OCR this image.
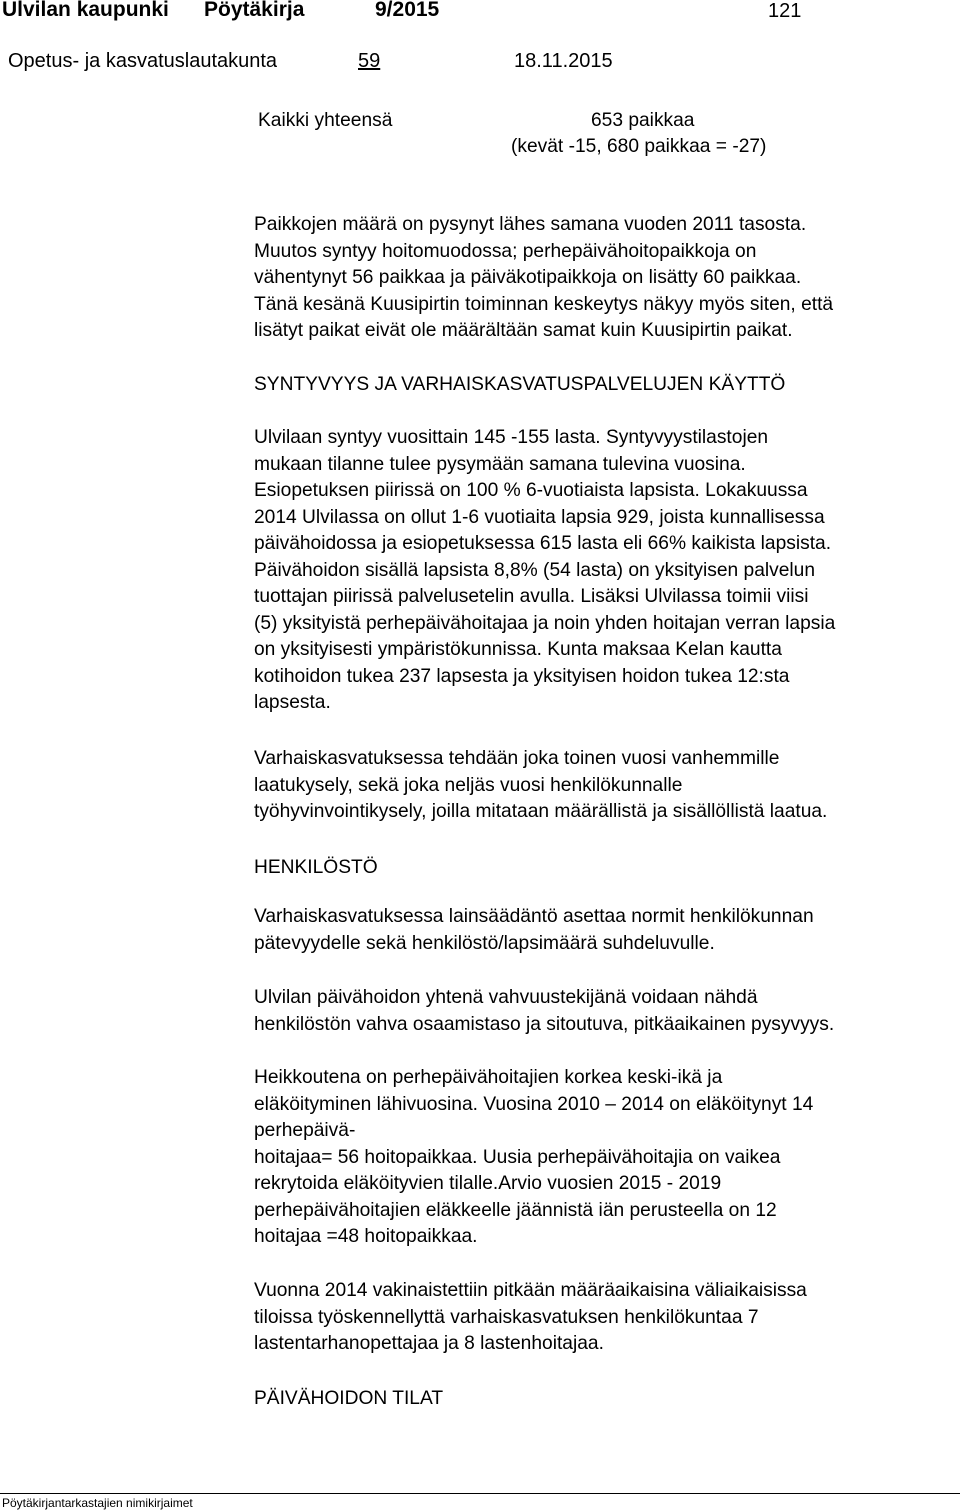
Ulvilan kaupunki Pöytäkirja	9/2015	121
Opetus- ja kasvatuslautakunta	59	18.11.2015
Kaikki yhteensä	653 paikkaa
(kevät -15, 680 paikkaa = -27)
Paikkojen määrä on pysynyt lähes samana vuoden 2011 tasosta.
Muutos syntyy hoitomuodossa; perhepäivähoitopaikkoja on
vähentynyt 56 paikkaa ja päiväkotipaikkoja on lisätty 60 paikkaa.
Tänä kesänä Kuusipirtin toiminnan keskeytys näkyy myös siten, että
lisätyt paikat eivät ole määrältään samat kuin Kuusipirtin paikat.
SYNTYVYYS JA VARHAISKASVATUSPALVELUJEN KÄYTTÖ
Ulvilaan syntyy vuosittain 145 -155 lasta. Syntyvyystilastojen
mukaan tilanne tulee pysymään samana tulevina vuosina.
Esiopetuksen piirissä on 100 % 6-vuotiaista lapsista. Lokakuussa
2014 Ulvilassa on ollut 1-6 vuotiaita lapsia 929, joista kunnallisessa
päivähoidossa ja esiopetuksessa 615 lasta eli 66% kaikista lapsista.
Päivähoidon sisällä lapsista 8,8% (54 lasta) on yksityisen palvelun
tuottajan piirissä palvelusetelin avulla. Lisäksi Ulvilassa toimii viisi
(5) yksityistä perhepäivähoitajaa ja noin yhden hoitajan verran lapsia
on yksityisesti ympäristökunnissa. Kunta maksaa Kelan kautta
kotihoidon tukea 237 lapsesta ja yksityisen hoidon tukea 12:sta
lapsesta.
Varhaiskasvatuksessa tehdään joka toinen vuosi vanhemmille
laatukysely, sekä joka neljäs vuosi henkilökunnalle
työhyvinvointikysely, joilla mitataan määrällistä ja sisällöllistä laatua.
HENKILÖSTÖ
Varhaiskasvatuksessa lainsäädäntö asettaa normit henkilökunnan
pätevyydelle sekä henkilöstö/lapsimäärä suhdeluvulle.
Ulvilan päivähoidon yhtenä vahvuustekijänä voidaan nähdä
henkilöstön vahva osaamistaso ja sitoutuva, pitkäaikainen pysyvyys.
Heikkoutena on perhepäivähoitajien korkea keski-ikä ja
eläköityminen lähivuosina. Vuosina 2010 – 2014 on eläköitynyt 14
perhepäivä-
hoitajaa= 56 hoitopaikkaa. Uusia perhepäivähoitajia on vaikea
rekrytoida eläköityvien tilalle.Arvio vuosien 2015 - 2019
perhepäivähoitajien eläkkeelle jäännistä iän perusteella on 12
hoitajaa =48 hoitopaikkaa.
Vuonna 2014 vakinaistettiin pitkään määräaikaisina väliaikaisissa
tiloissa työskennellyttä varhaiskasvatuksen henkilökuntaa 7
lastentarhanopettajaa ja 8 lastenhoitajaa.
PÄIVÄHOIDON TILAT
Pöytäkirjantarkastajien nimikirjaimet
